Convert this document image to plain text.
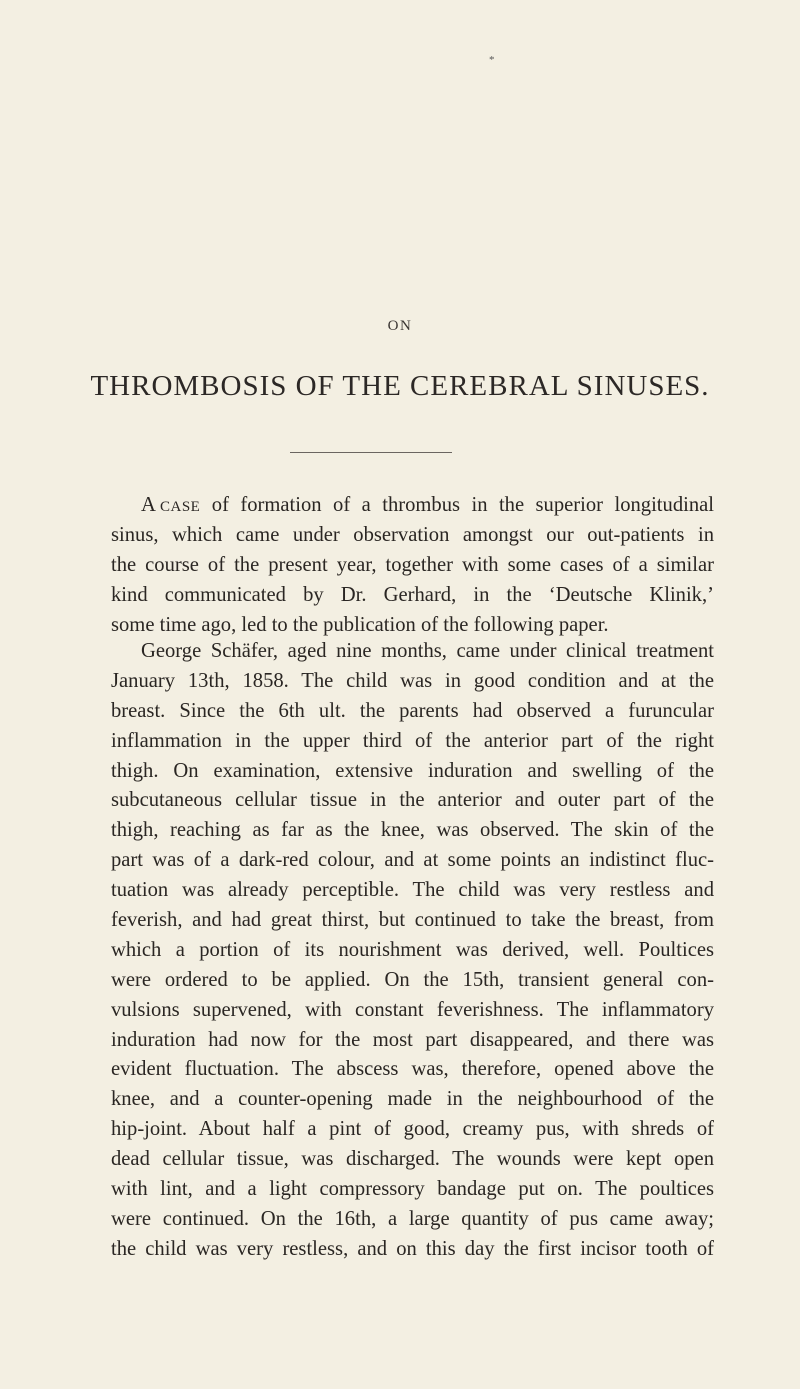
*
ON
THROMBOSIS OF THE CEREBRAL SINUSES.
A  CASE of formation of a thrombus in the superior longitudinal
sinus, which came under observation amongst our out-patients in
the course of the present year, together with some cases of a similar
kind communicated by Dr. Gerhard, in the ‘Deutsche Klinik,’
some time ago, led to the publication of the following paper.
George Schäfer, aged nine months, came under clinical treatment
January 13th, 1858. The child was in good condition and at the
breast. Since the 6th ult. the parents had observed a furuncular
inflammation in the upper third of the anterior part of the right
thigh. On examination, extensive induration and swelling of the
subcutaneous cellular tissue in the anterior and outer part of the
thigh, reaching as far as the knee, was observed. The skin of the
part was of a dark-red colour, and at some points an indistinct fluc-
tuation was already perceptible. The child was very restless and
feverish, and had great thirst, but continued to take the breast, from
which a portion of its nourishment was derived, well. Poultices
were ordered to be applied. On the 15th, transient general con-
vulsions supervened, with constant feverishness. The inflammatory
induration had now for the most part disappeared, and there was
evident fluctuation. The abscess was, therefore, opened above the
knee, and a counter-opening made in the neighbourhood of the
hip-joint. About half a pint of good, creamy pus, with shreds of
dead cellular tissue, was discharged. The wounds were kept open
with lint, and a light compressory bandage put on. The poultices
were continued. On the 16th, a large quantity of pus came away;
the child was very restless, and on this day the first incisor tooth of
